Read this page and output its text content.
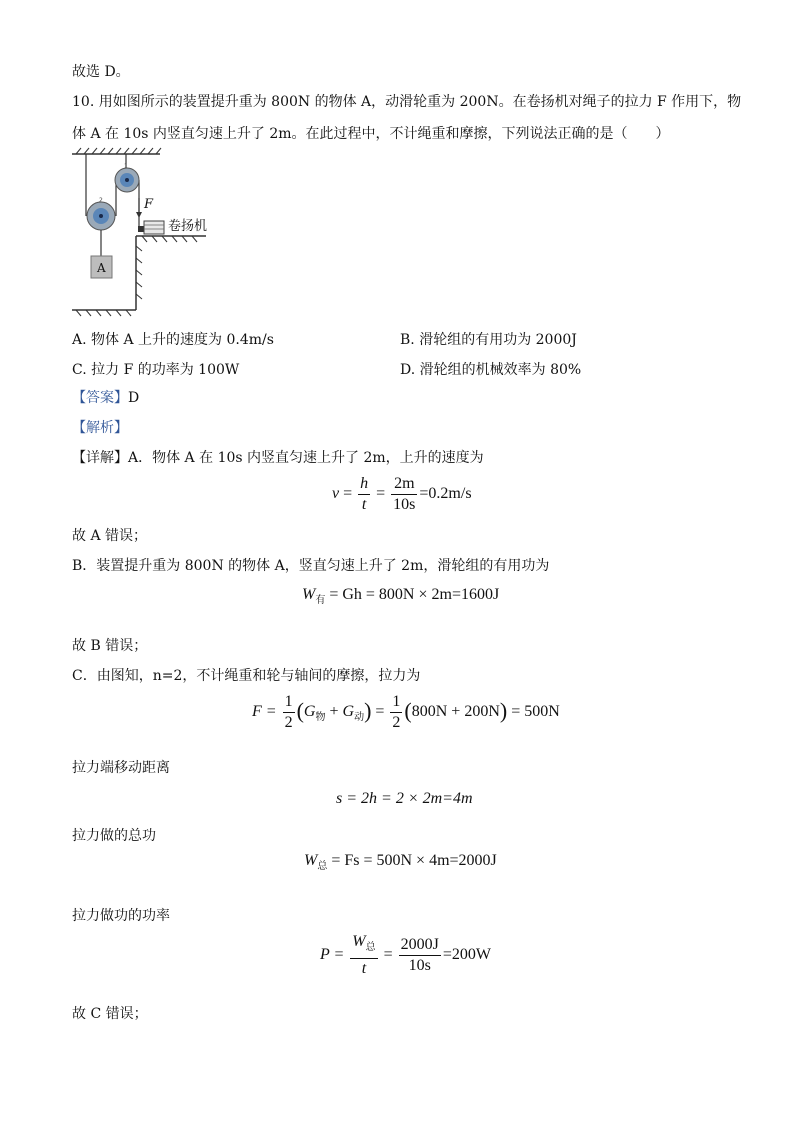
故选 D。
10. 用如图所示的装置提升重为 800N 的物体 A，动滑轮重为 200N。在卷扬机对绳子的拉力 F 作用下，物
体 A 在 10s 内竖直匀速上升了 2m。在此过程中，不计绳重和摩擦，下列说法正确的是（　　）
F
卷扬机
A
1
2
A. 物体 A 上升的速度为 0.4m/s	B. 滑轮组的有用功为 2000J
C. 拉力 F 的功率为 100W	D. 滑轮组的机械效率为 80%
【答案】D
【解析】
【详解】A．物体 A 在 10s 内竖直匀速上升了 2m，上升的速度为
$v = \frac{h}{t} = \frac{2m}{10s} =0.2m/s$
故 A 错误；
B．装置提升重为 800N 的物体 A，竖直匀速上升了 2m，滑轮组的有用功为
$W_有 = Gh = 800N \times 2m=1600J$
故 B 错误；
C．由图知，n=2，不计绳重和轮与轴间的摩擦，拉力为
$F = \frac{1}{2} (G_物 + G_动) = \frac{1}{2} (800N + 200N) = 500N$
拉力端移动距离
s = 2h = 2 × 2m=4m
拉力做的总功
$W_总 = Fs = 500N \times 4m=2000J$
拉力做功的功率
$P = \frac{W_总}{t} = \frac{2000J}{10s} =200W$
故 C 错误；
